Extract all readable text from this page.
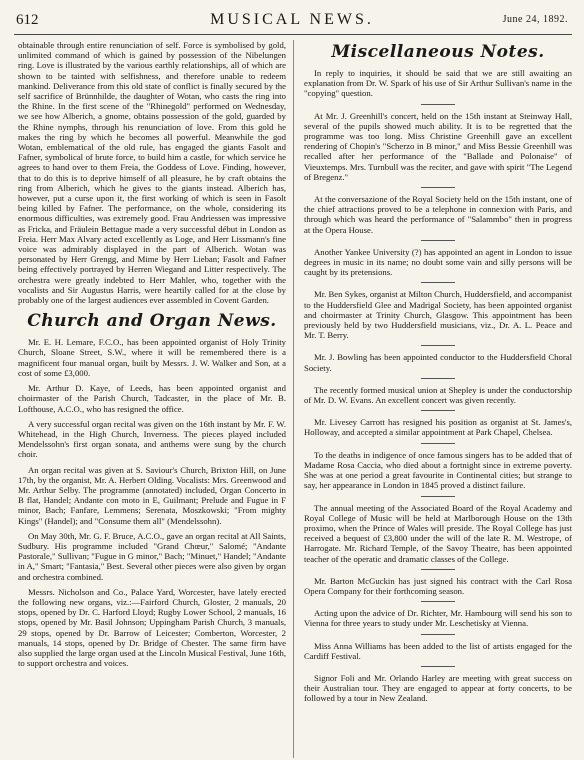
612	MUSICAL NEWS.	June 24, 1892.

obtainable through entire renunciation of self. Force is symbolised by gold, unlimited command of which is gained by possession of the Nibelungen ring. Love is illustrated by the various earthly relationships, all of which are shown to be tainted with selfishness, and therefore unable to redeem mankind. Deliverance from this old state of conflict is finally secured by the self sacrifice of Brünnhilde, the daughter of Wotan, who casts the ring into the Rhine. In the first scene of the "Rhinegold" performed on Wednesday, we see how Alberich, a gnome, obtains possession of the gold, guarded by the Rhine nymphs, through his renunciation of love. From this gold he makes the ring by which he becomes all powerful. Meanwhile the god Wotan, emblematical of the old rule, has engaged the giants Fasolt and Fafner, symbolical of brute force, to build him a castle, for which service he agrees to hand over to them Freia, the Goddess of Love. Finding, however, that to do this is to deprive himself of all pleasure, he by craft obtains the ring from Alberich, which he gives to the giants instead. Alberich has, however, put a curse upon it, the first working of which is seen in Fasolt being killed by Fafner. The performance, on the whole, considering its enormous difficulties, was extremely good. Frau Andriessen was impressive as Fricka, and Fräulein Bettague made a very successful début in London as Freia. Herr Max Alvary acted excellently as Loge, and Herr Lissmann's fine voice was admirably displayed in the part of Alberich. Wotan was personated by Herr Grengg, and Mime by Herr Lieban; Fasolt and Fafner being effectively portrayed by Herren Wiegand and Litter respectively. The orchestra were greatly indebted to Herr Mahler, who, together with the vocalists and Sir Augustus Harris, were heartily called for at the close by probably one of the largest audiences ever assembled in Covent Garden.

Church and Organ News.

Mr. E. H. Lemare, F.C.O., has been appointed organist of Holy Trinity Church, Sloane Street, S.W., where it will be remembered there is a magnificent four manual organ, built by Messrs. J. W. Walker and Son, at a cost of some £3,000.

Mr. Arthur D. Kaye, of Leeds, has been appointed organist and choirmaster of the Parish Church, Tadcaster, in the place of Mr. B. Lofthouse, A.C.O., who has resigned the office.

A very successful organ recital was given on the 16th instant by Mr. F. W. Whitehead, in the High Church, Inverness. The pieces played included Mendelssohn's first organ sonata, and anthems were sung by the church choir.

An organ recital was given at S. Saviour's Church, Brixton Hill, on June 17th, by the organist, Mr. A. Herbert Olding. Vocalists: Mrs. Greenwood and Mr. Arthur Selby. The programme (annotated) included, Organ Concerto in B flat, Handel; Andante con moto in E, Guilmant; Prelude and Fugue in F minor, Bach; Fanfare, Lemmens; Serenata, Moszkowski; "From mighty Kings" (Handel); and "Consume them all" (Mendelssohn).

On May 30th, Mr. G. F. Bruce, A.C.O., gave an organ recital at All Saints, Sudbury. His programme included "Grand Chœur," Salomé; "Andante Pastorale," Sullivan; "Fugue in G minor," Bach; "Minuet," Handel; "Andante in A," Smart; "Fantasia," Best. Several other pieces were also given by organ and orchestra combined.

Messrs. Nicholson and Co., Palace Yard, Worcester, have lately erected the following new organs, viz.:—Fairford Church, Gloster, 2 manuals, 20 stops, opened by Dr. C. Harford Lloyd; Rugby Lower School, 2 manuals, 16 stops, opened by Mr. Basil Johnson; Uppingham Parish Church, 3 manuals, 29 stops, opened by Dr. Barrow of Leicester; Comberton, Worcester, 2 manuals, 14 stops, opened by Dr. Bridge of Chester. The same firm have also supplied the large organ used at the Lincoln Musical Festival, June 16th, to support orchestra and voices.

Miscellaneous Notes.

In reply to inquiries, it should be said that we are still awaiting an explanation from Dr. W. Spark of his use of Sir Arthur Sullivan's name in the "copying" question.

At Mr. J. Greenhill's concert, held on the 15th instant at Steinway Hall, several of the pupils showed much ability. It is to be regretted that the programme was too long. Miss Christine Greenhill gave an excellent rendering of Chopin's "Scherzo in B minor," and Miss Bessie Greenhill was recalled after her performance of the "Ballade and Polonaise" of Vieuxtemps. Mrs. Turnbull was the reciter, and gave with spirit "The Legend of Bregenz."

At the conversazione of the Royal Society held on the 15th instant, one of the chief attractions proved to be a telephone in connexion with Paris, and through which was heard the performance of "Salammbo" then in progress at the Opera House.

Another Yankee University (?) has appointed an agent in London to issue degrees in music in its name; no doubt some vain and silly persons will be caught by its pretensions.

Mr. Ben Sykes, organist at Milton Church, Huddersfield, and accompanist to the Huddersfield Glee and Madrigal Society, has been appointed organist and choirmaster at Trinity Church, Glasgow. This appointment has been previously held by two Huddersfield musicians, viz., Dr. A. L. Peace and Mr. T. Berry.

Mr. J. Bowling has been appointed conductor to the Huddersfield Choral Society.

The recently formed musical union at Shepley is under the conductorship of Mr. D. W. Evans. An excellent concert was given recently.

Mr. Livesey Carrott has resigned his position as organist at St. James's, Holloway, and accepted a similar appointment at Park Chapel, Chelsea.

To the deaths in indigence of once famous singers has to be added that of Madame Rosa Caccia, who died about a fortnight since in extreme poverty. She was at one period a great favourite in Continental cities; but strange to say, her appearance in London in 1845 proved a distinct failure.

The annual meeting of the Associated Board of the Royal Academy and Royal College of Music will be held at Marlborough House on the 13th proximo, when the Prince of Wales will preside. The Royal College has just received a bequest of £3,800 under the will of the late R. M. Westrope, of Harrogate. Mr. Richard Temple, of the Savoy Theatre, has been appointed teacher of the operatic and dramatic classes of the College.

Mr. Barton McGuckin has just signed his contract with the Carl Rosa Opera Company for their forthcoming season.

Acting upon the advice of Dr. Richter, Mr. Hambourg will send his son to Vienna for three years to study under Mr. Leschetisky at Vienna.

Miss Anna Williams has been added to the list of artists engaged for the Cardiff Festival.

Signor Foli and Mr. Orlando Harley are meeting with great success on their Australian tour. They are engaged to appear at forty concerts, to be followed by a tour in New Zealand.
